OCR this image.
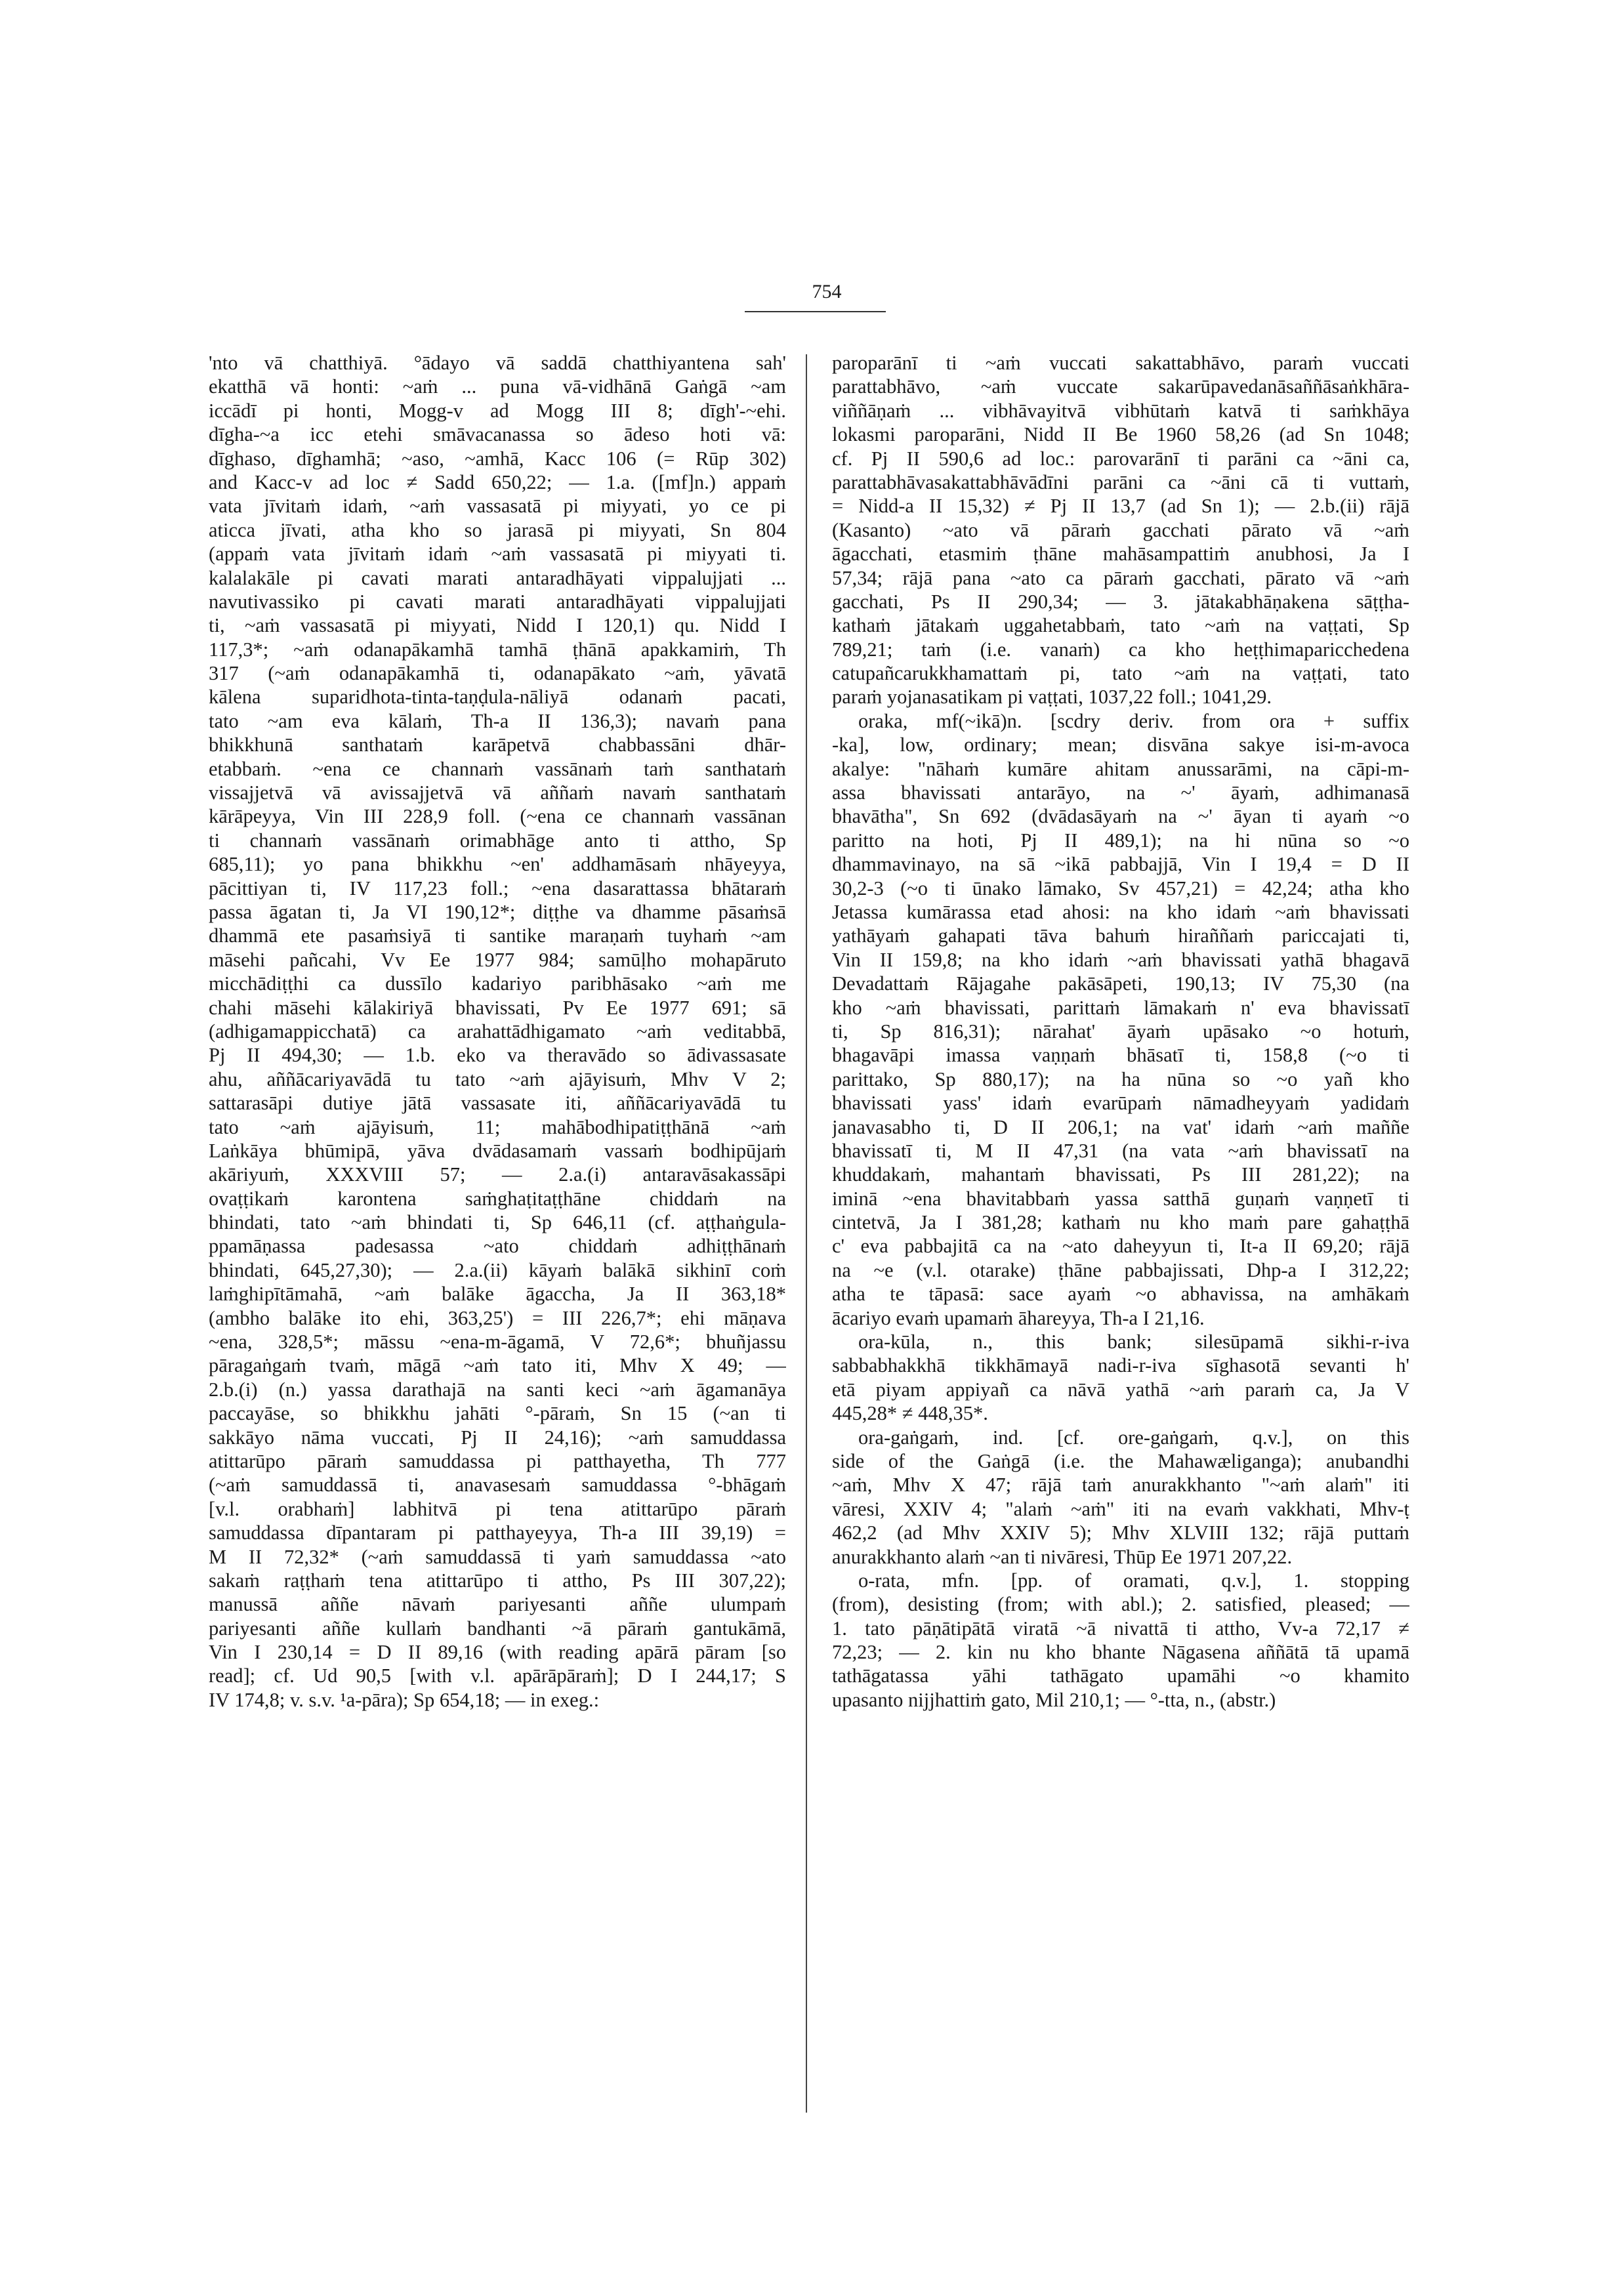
754
'nto vā chatthiyā. °ādayo vā saddā chatthiyantena sah'
ekatthā vā honti: ~aṁ ... puna vā-vidhānā Gaṅgā ~am
iccādī pi honti, Mogg-v ad Mogg III 8; dīgh'-~ehi.
dīgha-~a icc etehi smāvacanassa so ādeso hoti vā:
dīghaso, dīghamhā; ~aso, ~amhā, Kacc 106 (= Rūp 302)
and Kacc-v ad loc ≠ Sadd 650,22; — 1.a. ([mf]n.) appaṁ
vata jīvitaṁ idaṁ, ~aṁ vassasatā pi miyyati, yo ce pi
aticca jīvati, atha kho so jarasā pi miyyati, Sn 804
(appaṁ vata jīvitaṁ idaṁ ~aṁ vassasatā pi miyyati ti.
kalalakāle pi cavati marati antaradhāyati vippalujjati ...
navutivassiko pi cavati marati antaradhāyati vippalujjati
ti, ~aṁ vassasatā pi miyyati, Nidd I 120,1) qu. Nidd I
117,3*; ~aṁ odanapākamhā tamhā ṭhānā apakkamiṁ, Th
317 (~aṁ odanapākamhā ti, odanapākato ~aṁ, yāvatā
kālena suparidhota-tinta-taṇḍula-nāliyā odanaṁ pacati,
tato ~am eva kālaṁ, Th-a II 136,3); navaṁ pana
bhikkhunā santhataṁ karāpetvā chabbassāni dhār-
etabbaṁ. ~ena ce channaṁ vassānaṁ taṁ santhataṁ
vissajjetvā vā avissajjetvā vā aññaṁ navaṁ santhataṁ
kārāpeyya, Vin III 228,9 foll. (~ena ce channaṁ vassānan
ti channaṁ vassānaṁ orimabhāge anto ti attho, Sp
685,11); yo pana bhikkhu ~en' addhamāsaṁ nhāyeyya,
pācittiyan ti, IV 117,23 foll.; ~ena dasarattassa bhātaraṁ
passa āgatan ti, Ja VI 190,12*; diṭṭhe va dhamme pāsaṁsā
dhammā ete pasaṁsiyā ti santike maraṇaṁ tuyhaṁ ~am
māsehi pañcahi, Vv Ee 1977 984; samūḷho mohapāruto
micchādiṭṭhi ca dussīlo kadariyo paribhāsako ~aṁ me
chahi māsehi kālakiriyā bhavissati, Pv Ee 1977 691; sā
(adhigamappicchatā) ca arahattādhigamato ~aṁ veditabbā,
Pj II 494,30; — 1.b. eko va theravādo so ādivassasate
ahu, aññācariyavādā tu tato ~aṁ ajāyisuṁ, Mhv V 2;
sattarasāpi dutiye jātā vassasate iti, aññācariyavādā tu
tato ~aṁ ajāyisuṁ, 11; mahābodhipatiṭṭhānā ~aṁ
Laṅkāya bhūmipā, yāva dvādasamaṁ vassaṁ bodhipūjaṁ
akāriyuṁ, XXXVIII 57; — 2.a.(i) antaravāsakassāpi
ovaṭṭikaṁ karontena saṁghaṭitaṭṭhāne chiddaṁ na
bhindati, tato ~aṁ bhindati ti, Sp 646,11 (cf. aṭṭhaṅgula-
ppamāṇassa padesassa ~ato chiddaṁ adhiṭṭhānaṁ
bhindati, 645,27,30); — 2.a.(ii) kāyaṁ balākā sikhinī coṁ
laṁghipītāmahā, ~aṁ balāke āgaccha, Ja II 363,18*
(ambho balāke ito ehi, 363,25') = III 226,7*; ehi māṇava
~ena, 328,5*; māssu ~ena-m-āgamā, V 72,6*; bhuñjassu
pāragaṅgaṁ tvaṁ, māgā ~aṁ tato iti, Mhv X 49; —
2.b.(i) (n.) yassa darathajā na santi keci ~aṁ āgamanāya
paccayāse, so bhikkhu jahāti °-pāraṁ, Sn 15 (~an ti
sakkāyo nāma vuccati, Pj II 24,16); ~aṁ samuddassa
atittarūpo pāraṁ samuddassa pi patthayetha, Th 777
(~aṁ samuddassā ti, anavasesaṁ samuddassa °-bhāgaṁ
[v.l. orabhaṁ] labhitvā pi tena atittarūpo pāraṁ
samuddassa dīpantaram pi patthayeyya, Th-a III 39,19) =
M II 72,32* (~aṁ samuddassā ti yaṁ samuddassa ~ato
sakaṁ raṭṭhaṁ tena atittarūpo ti attho, Ps III 307,22);
manussā aññe nāvaṁ pariyesanti aññe ulumpaṁ
pariyesanti aññe kullaṁ bandhanti ~ā pāraṁ gantukāmā,
Vin I 230,14 = D II 89,16 (with reading apārā pāram [so
read]; cf. Ud 90,5 [with v.l. apārāpāraṁ]; D I 244,17; S
IV 174,8; v. s.v. ¹a-pāra); Sp 654,18; — in exeg.:
paroparānī ti ~aṁ vuccati sakattabhāvo, paraṁ vuccati
parattabhāvo, ~aṁ vuccate sakarūpavedanāsaññāsaṅkhāra-
viññāṇaṁ ... vibhāvayitvā vibhūtaṁ katvā ti saṁkhāya
lokasmi paroparāni, Nidd II Be 1960 58,26 (ad Sn 1048;
cf. Pj II 590,6 ad loc.: parovarānī ti parāni ca ~āni ca,
parattabhāvasakattabhāvādīni parāni ca ~āni cā ti vuttaṁ,
= Nidd-a II 15,32) ≠ Pj II 13,7 (ad Sn 1); — 2.b.(ii) rājā
(Kasanto) ~ato vā pāraṁ gacchati pārato vā ~aṁ
āgacchati, etasmiṁ ṭhāne mahāsampattiṁ anubhosi, Ja I
57,34; rājā pana ~ato ca pāraṁ gacchati, pārato vā ~aṁ
gacchati, Ps II 290,34; — 3. jātakabhāṇakena sāṭṭha-
kathaṁ jātakaṁ uggahetabbaṁ, tato ~aṁ na vaṭṭati, Sp
789,21; taṁ (i.e. vanaṁ) ca kho heṭṭhimaparicchedena
catupañcarukkhamattaṁ pi, tato ~aṁ na vaṭṭati, tato
paraṁ yojanasatikam pi vaṭṭati, 1037,22 foll.; 1041,29.
oraka, mf(~ikā)n. [scdry deriv. from ora + suffix
-ka], low, ordinary; mean; disvāna sakye isi-m-avoca
akalye: "nāhaṁ kumāre ahitam anussarāmi, na cāpi-m-
assa bhavissati antarāyo, na ~' āyaṁ, adhimanasā
bhavātha", Sn 692 (dvādasāyaṁ na ~' āyan ti ayaṁ ~o
paritto na hoti, Pj II 489,1); na hi nūna so ~o
dhammavinayo, na sā ~ikā pabbajjā, Vin I 19,4 = D II
30,2-3 (~o ti ūnako lāmako, Sv 457,21) = 42,24; atha kho
Jetassa kumārassa etad ahosi: na kho idaṁ ~aṁ bhavissati
yathāyaṁ gahapati tāva bahuṁ hiraññaṁ pariccajati ti,
Vin II 159,8; na kho idaṁ ~aṁ bhavissati yathā bhagavā
Devadattaṁ Rājagahe pakāsāpeti, 190,13; IV 75,30 (na
kho ~aṁ bhavissati, parittaṁ lāmakaṁ n' eva bhavissatī
ti, Sp 816,31); nārahat' āyaṁ upāsako ~o hotuṁ,
bhagavāpi imassa vaṇṇaṁ bhāsatī ti, 158,8 (~o ti
parittako, Sp 880,17); na ha nūna so ~o yañ kho
bhavissati yass' idaṁ evarūpaṁ nāmadheyyaṁ yadidaṁ
janavasabho ti, D II 206,1; na vat' idaṁ ~aṁ maññe
bhavissatī ti, M II 47,31 (na vata ~aṁ bhavissatī na
khuddakaṁ, mahantaṁ bhavissati, Ps III 281,22); na
iminā ~ena bhavitabbaṁ yassa satthā guṇaṁ vaṇṇetī ti
cintetvā, Ja I 381,28; kathaṁ nu kho maṁ pare gahaṭṭhā
c' eva pabbajitā ca na ~ato daheyyun ti, It-a II 69,20; rājā
na ~e (v.l. otarake) ṭhāne pabbajissati, Dhp-a I 312,22;
atha te tāpasā: sace ayaṁ ~o abhavissa, na amhākaṁ
ācariyo evaṁ upamaṁ āhareyya, Th-a I 21,16.
ora-kūla, n., this bank; silesūpamā sikhi-r-iva
sabbabhakkhā tikkhāmayā nadi-r-iva sīghasotā sevanti h'
etā piyam appiyañ ca nāvā yathā ~aṁ paraṁ ca, Ja V
445,28* ≠ 448,35*.
ora-gaṅgaṁ, ind. [cf. ore-gaṅgaṁ, q.v.], on this
side of the Gaṅgā (i.e. the Mahawæliganga); anubandhi
~aṁ, Mhv X 47; rājā taṁ anurakkhanto "~aṁ alaṁ" iti
vāresi, XXIV 4; "alaṁ ~aṁ" iti na evaṁ vakkhati, Mhv-ṭ
462,2 (ad Mhv XXIV 5); Mhv XLVIII 132; rājā puttaṁ
anurakkhanto alaṁ ~an ti nivāresi, Thūp Ee 1971 207,22.
o-rata, mfn. [pp. of oramati, q.v.], 1. stopping
(from), desisting (from; with abl.); 2. satisfied, pleased; —
1. tato pāṇātipātā viratā ~ā nivattā ti attho, Vv-a 72,17 ≠
72,23; — 2. kin nu kho bhante Nāgasena aññātā tā upamā
tathāgatassa yāhi tathāgato upamāhi ~o khamito
upasanto nijjhattiṁ gato, Mil 210,1; — °-tta, n., (abstr.)
